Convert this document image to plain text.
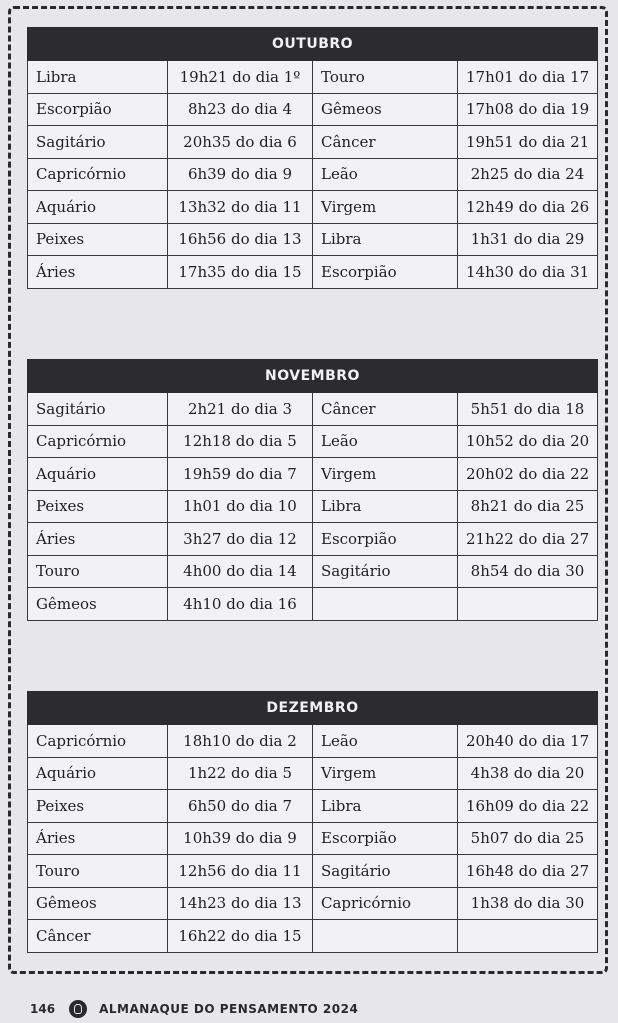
OUTUBRO			
Libra	19h21 do dia 1º	Touro	17h01 do dia 17
Escorpião	8h23 do dia 4	Gêmeos	17h08 do dia 19
Sagitário	20h35 do dia 6	Câncer	19h51 do dia 21
Capricórnio	6h39 do dia 9	Leão	2h25 do dia 24
Aquário	13h32 do dia 11	Virgem	12h49 do dia 26
Peixes	16h56 do dia 13	Libra	1h31 do dia 29
Áries	17h35 do dia 15	Escorpião	14h30 do dia 31
NOVEMBRO			
Sagitário	2h21 do dia 3	Câncer	5h51 do dia 18
Capricórnio	12h18 do dia 5	Leão	10h52 do dia 20
Aquário	19h59 do dia 7	Virgem	20h02 do dia 22
Peixes	1h01 do dia 10	Libra	8h21 do dia 25
Áries	3h27 do dia 12	Escorpião	21h22 do dia 27
Touro	4h00 do dia 14	Sagitário	8h54 do dia 30
Gêmeos	4h10 do dia 16		
DEZEMBRO			
Capricórnio	18h10 do dia 2	Leão	20h40 do dia 17
Aquário	1h22 do dia 5	Virgem	4h38 do dia 20
Peixes	6h50 do dia 7	Libra	16h09 do dia 22
Áries	10h39 do dia 9	Escorpião	5h07 do dia 25
Touro	12h56 do dia 11	Sagitário	16h48 do dia 27
Gêmeos	14h23 do dia 13	Capricórnio	1h38 do dia 30
Câncer	16h22 do dia 15		
146	ALMANAQUE DO PENSAMENTO 2024
